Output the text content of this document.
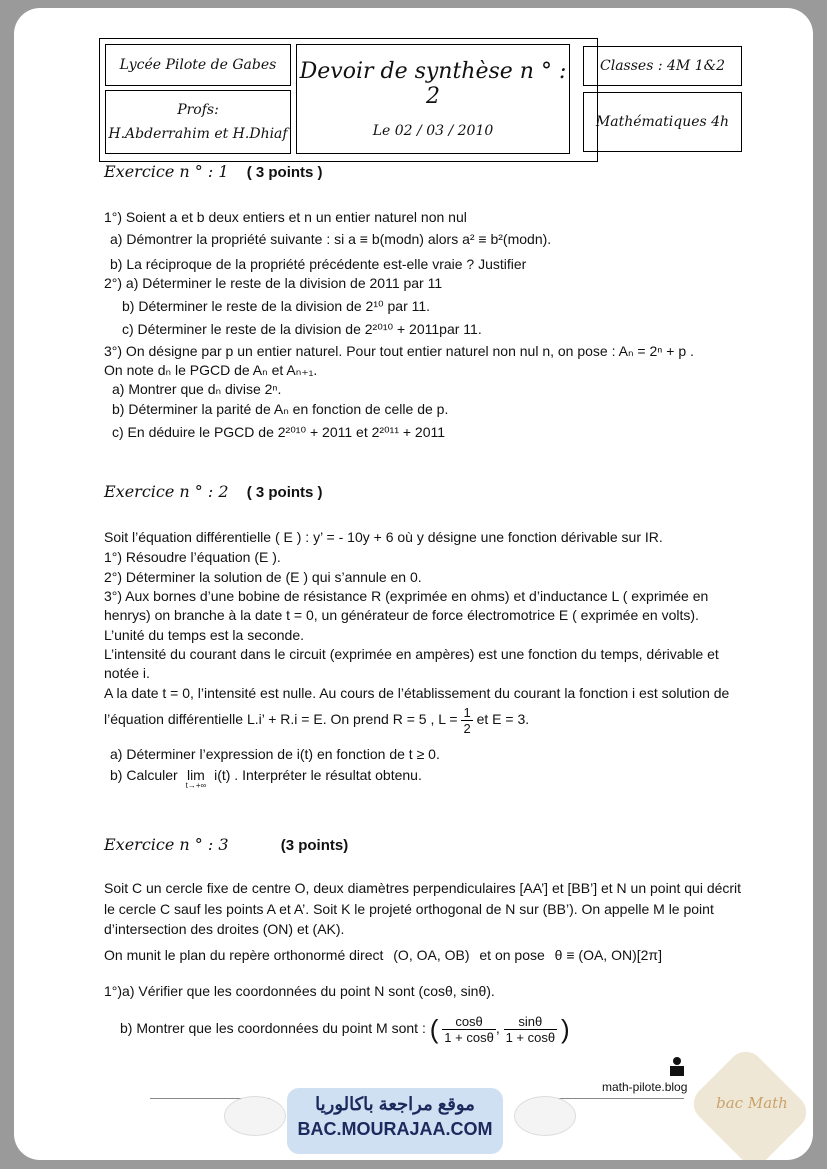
Lycée Pilote de Gabes
Profs:
H.Abderrahim et H.Dhiaf
Devoir de synthèse n ° : 2
Le 02 / 03 / 2010
Classes : 4M 1&2
Mathématiques 4h
Exercice n ° : 1 ( 3 points )
1°) Soient a et b deux entiers et n un entier naturel non nul
a) Démontrer la propriété suivante : si a ≡ b(modn) alors a² ≡ b²(modn).
b) La réciproque de la propriété précédente est-elle vraie ? Justifier
2°) a) Déterminer le reste de la division de 2011 par 11
b) Déterminer le reste de la division de 2¹⁰ par 11.
c) Déterminer le reste de la division de 2²⁰¹⁰ + 2011par 11.
3°) On désigne par p un entier naturel. Pour tout entier naturel non nul n, on pose : Aₙ = 2ⁿ + p .
On note dₙ le PGCD de Aₙ et Aₙ₊₁.
a) Montrer que dₙ divise 2ⁿ.
b) Déterminer la parité de Aₙ en fonction de celle de p.
c) En déduire le PGCD de 2²⁰¹⁰ + 2011 et 2²⁰¹¹ + 2011
Exercice n ° : 2 ( 3 points )
Soit l’équation différentielle ( E ) : y’ = - 10y + 6 où y désigne une fonction dérivable sur IR.
1°) Résoudre l’équation (E ).
2°) Déterminer la solution de (E ) qui s’annule en 0.
3°) Aux bornes d’une bobine de résistance R (exprimée en ohms) et d’inductance L ( exprimée en
henrys) on branche à la date t = 0, un générateur de force électromotrice E ( exprimée en volts).
L’unité du temps est la seconde.
L’intensité du courant dans le circuit (exprimée en ampères) est une fonction du temps, dérivable et
notée i.
A la date t = 0, l’intensité est nulle. Au cours de l’établissement du courant la fonction i est solution de
l’équation différentielle L.i’ + R.i = E. On prend R = 5 , $L = \frac{1}{2}$ et E = 3.
a) Déterminer l’expression de i(t) en fonction de t ≥ 0.
b) Calculer lim
t→+∞
i(t) . Interpréter le résultat obtenu.
Exercice n ° : 3	(3 points)
Soit C un cercle fixe de centre O, deux diamètres perpendiculaires [AA’] et [BB’] et N un point qui décrit
le cercle C sauf les points A et A’. Soit K le projeté orthogonal de N sur (BB’). On appelle M le point
d’intersection des droites (ON) et (AK).
On munit le plan du repère orthonormé direct (O, OA, OB) et on pose θ ≡ (OA, ON)[2π]
1°)a) Vérifier que les coordonnées du point N sont (cosθ, sinθ).
b) Montrer que les coordonnées du point M sont : ( $\frac{\cos\theta}{1 + \cos\theta}$ , $\frac{\sin\theta}{1 + \cos\theta}$ )
math-pilote.blog
موقع مراجعة باكالوريا
BAC.MOURAJAA.COM
bac Math
